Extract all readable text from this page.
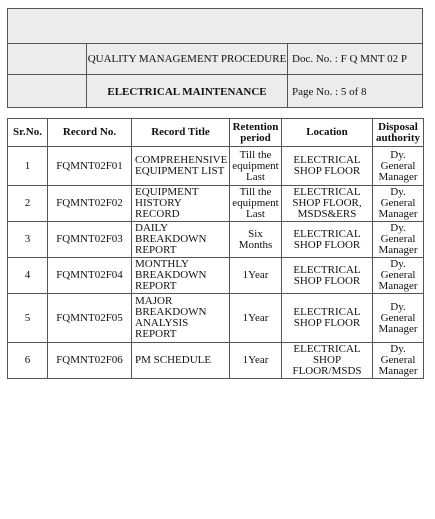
QUALITY MANAGEMENT PROCEDURE Doc. No. : F Q MNT 02 P
ELECTRICAL MAINTENANCE	Page No. : 5 of 8
Sr.No.	Record No.	Record Title	Retention period	Location	Disposal authority
1	FQMNT02F01	COMPREHENSIVE EQUIPMENT LIST	Till the equipment Last	ELECTRICAL SHOP FLOOR	Dy. General Manager
2	FQMNT02F02	EQUIPMENT HISTORY RECORD	Till the equipment Last	ELECTRICAL SHOP FLOOR, MSDS&ERS	Dy. General Manager
3	FQMNT02F03	DAILY BREAKDOWN REPORT	Six Months	ELECTRICAL SHOP FLOOR	Dy. General Manager
4	FQMNT02F04	MONTHLY BREAKDOWN REPORT	1Year	ELECTRICAL SHOP FLOOR	Dy. General Manager
5	FQMNT02F05	MAJOR BREAKDOWN ANALYSIS REPORT	1Year	ELECTRICAL SHOP FLOOR	Dy. General Manager
6	FQMNT02F06	PM SCHEDULE	1Year	ELECTRICAL SHOP FLOOR/MSDS	Dy. General Manager
